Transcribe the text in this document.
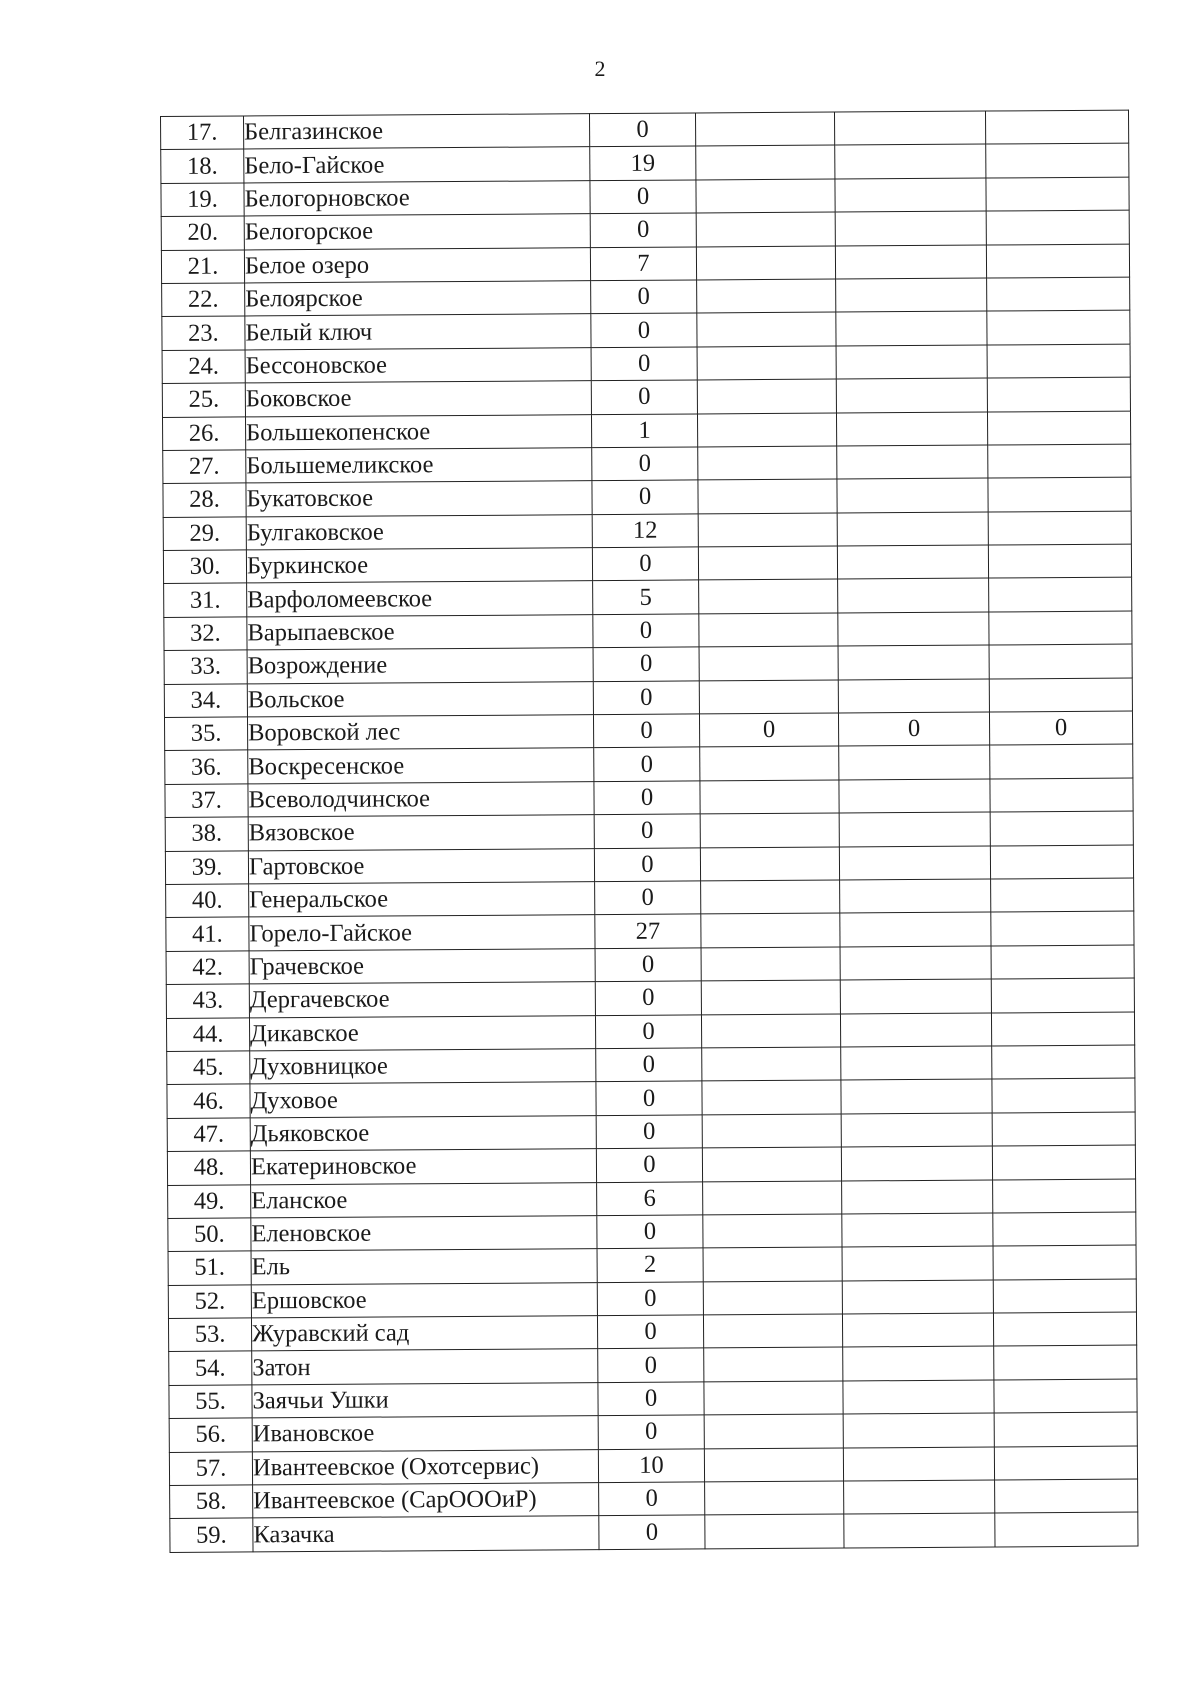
2
17.	Белгазинское	0			
18.	Бело-Гайское	19			
19.	Белогорновское	0			
20.	Белогорское	0			
21.	Белое озеро	7			
22.	Белоярское	0			
23.	Белый ключ	0			
24.	Бессоновское	0			
25.	Боковское	0			
26.	Большекопенское	1			
27.	Большемеликское	0			
28.	Букатовское	0			
29.	Булгаковское	12			
30.	Буркинское	0			
31.	Варфоломеевское	5			
32.	Варыпаевское	0			
33.	Возрождение	0			
34.	Вольское	0			
35.	Воровской лес	0	0	0	0
36.	Воскресенское	0			
37.	Всеволодчинское	0			
38.	Вязовское	0			
39.	Гартовское	0			
40.	Генеральское	0			
41.	Горело-Гайское	27			
42.	Грачевское	0			
43.	Дергачевское	0			
44.	Дикавское	0			
45.	Духовницкое	0			
46.	Духовое	0			
47.	Дьяковское	0			
48.	Екатериновское	0			
49.	Еланское	6			
50.	Еленовское	0			
51.	Ель	2			
52.	Ершовское	0			
53.	Журавский сад	0			
54.	Затон	0			
55.	Заячьи Ушки	0			
56.	Ивановское	0			
57.	Ивантеевское (Охотсервис)	10			
58.	Ивантеевское (СарОООиР)	0			
59.	Казачка	0			
